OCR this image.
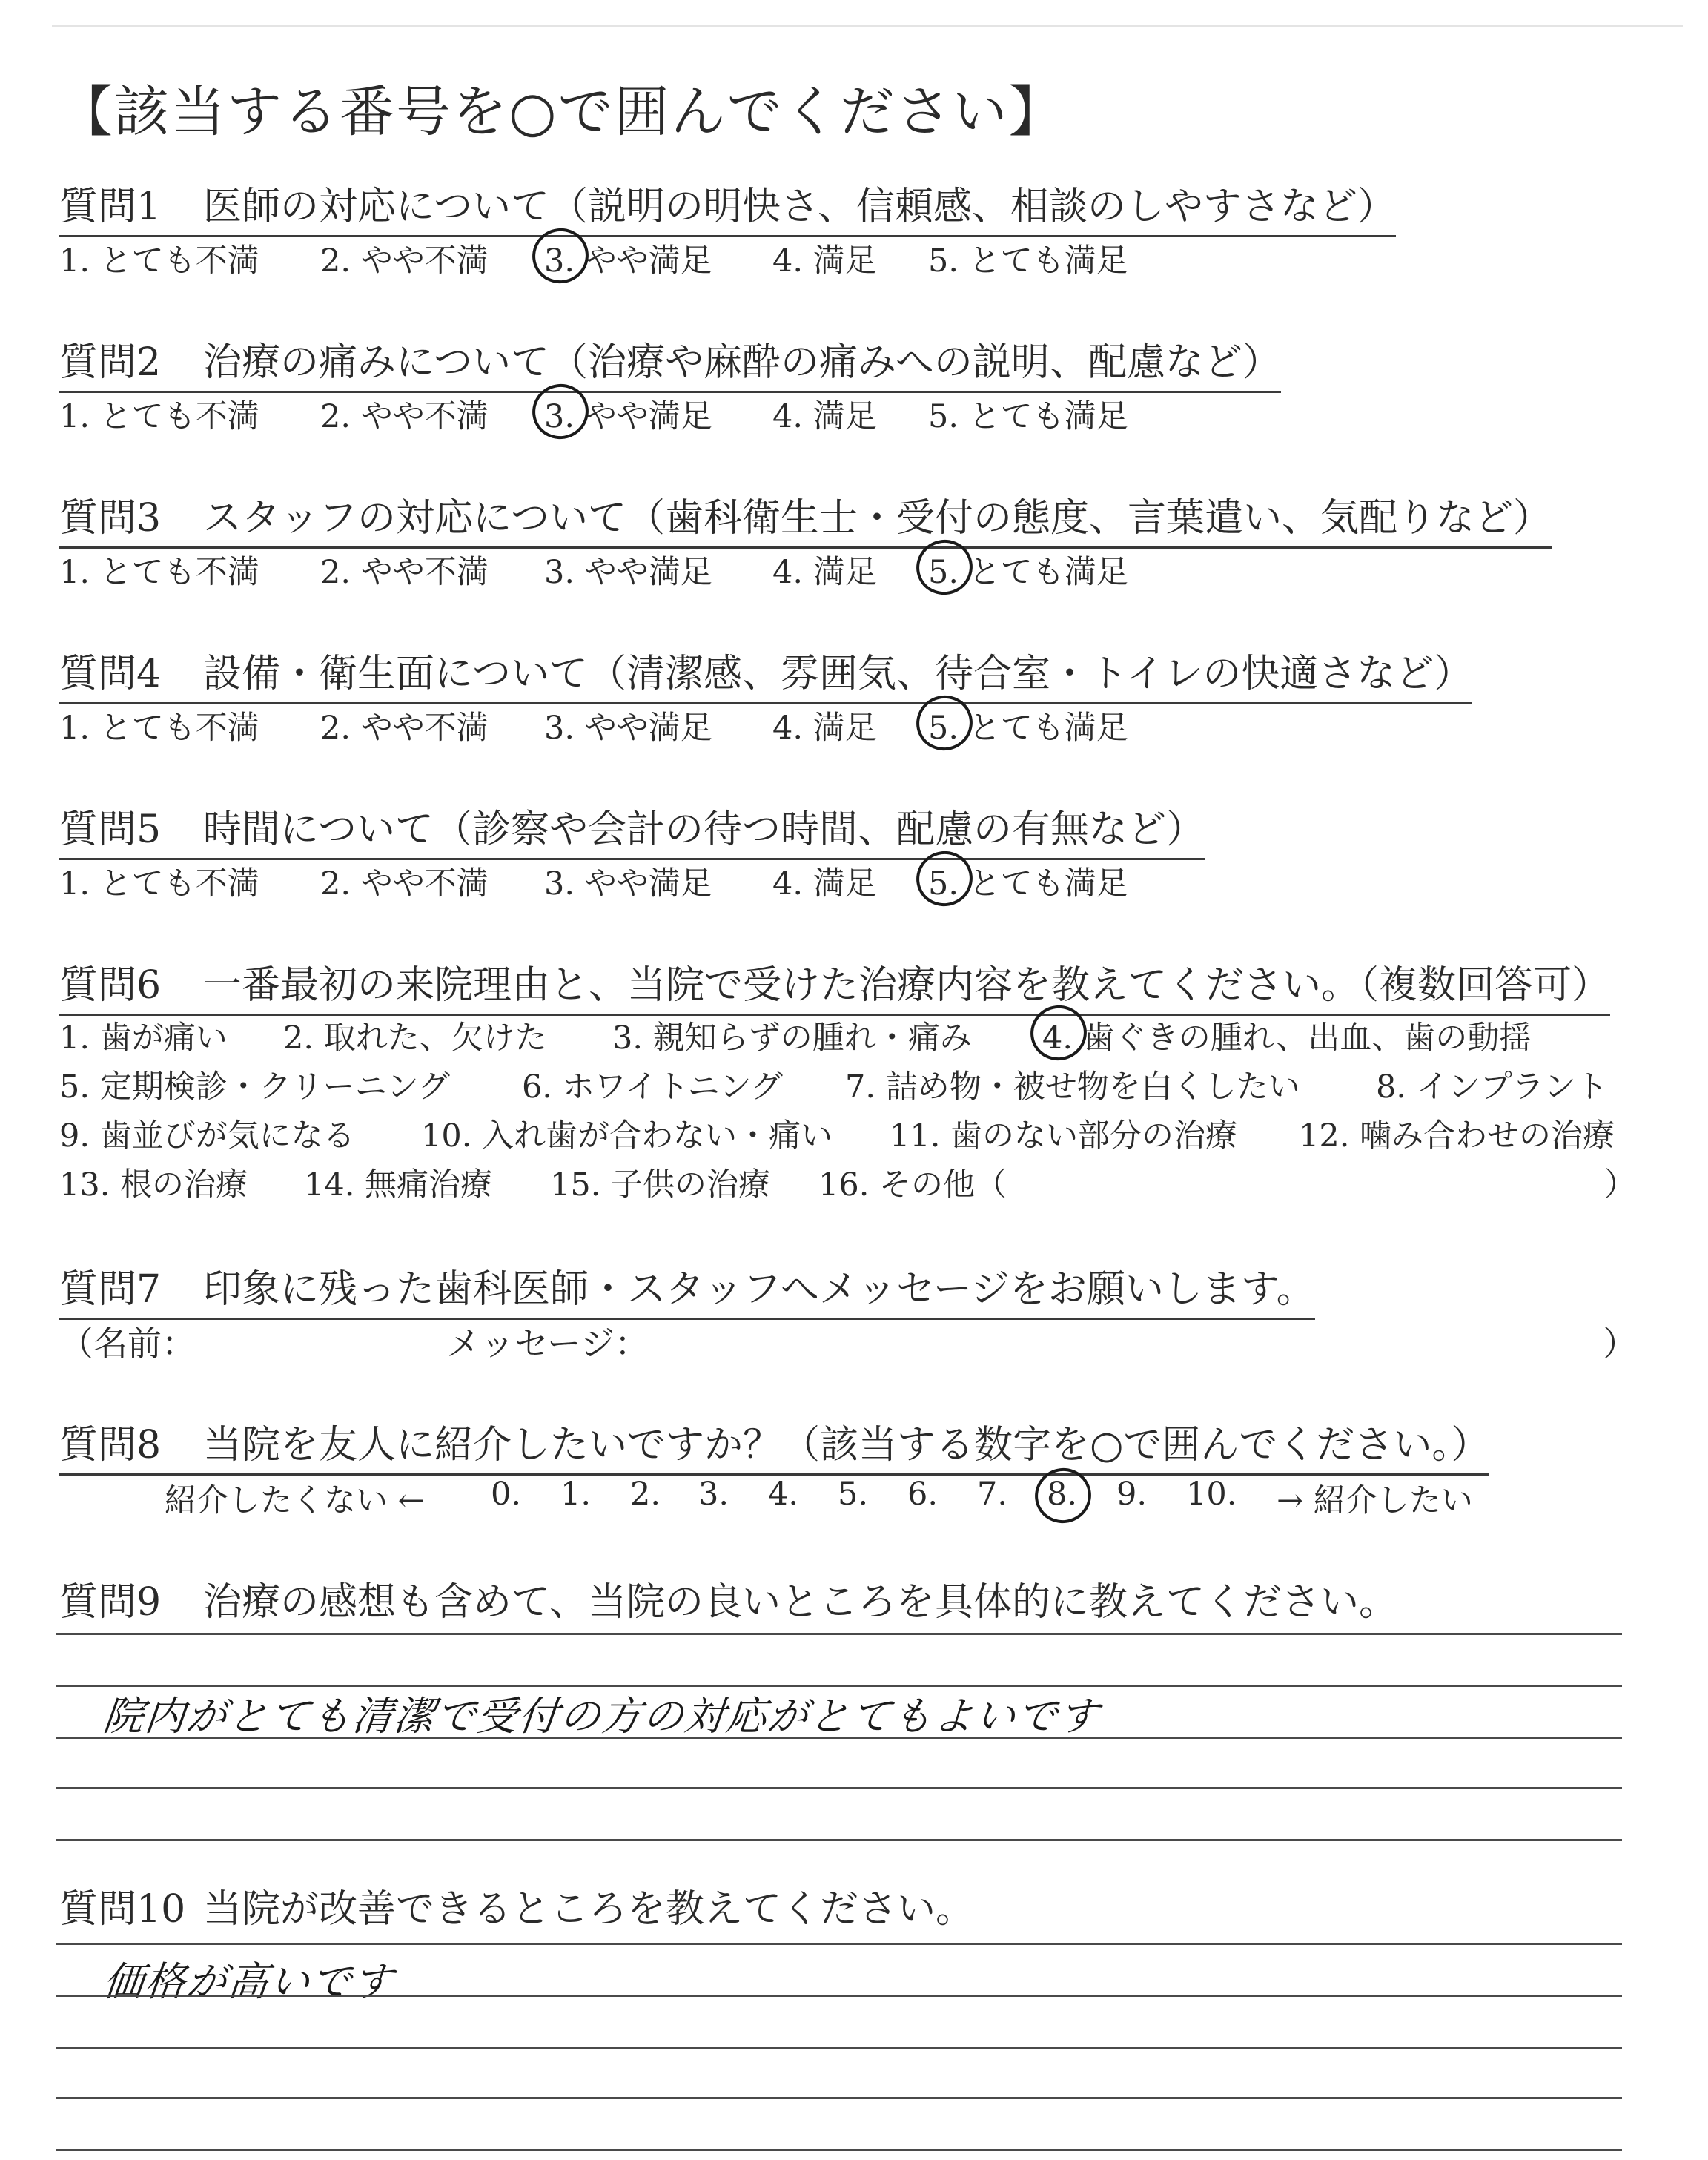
【該当する番号を○で囲んでください】
質問1 医師の対応について（説明の明快さ、信頼感、相談のしやすさなど）
1. とても不満 2. やや不満 3. やや満足 4. 満足 5. とても満足
質問2 治療の痛みについて（治療や麻酔の痛みへの説明、配慮など）
1. とても不満 2. やや不満 3. やや満足 4. 満足 5. とても満足
質問3 スタッフの対応について（歯科衛生士・受付の態度、言葉遣い、気配りなど）
1. とても不満 2. やや不満 3. やや満足 4. 満足 5. とても満足
質問4 設備・衛生面について（清潔感、雰囲気、待合室・トイレの快適さなど）
1. とても不満 2. やや不満 3. やや満足 4. 満足 5. とても満足
質問5 時間について（診察や会計の待つ時間、配慮の有無など）
1. とても不満 2. やや不満 3. やや満足 4. 満足 5. とても満足
質問6 一番最初の来院理由と、当院で受けた治療内容を教えてください。（複数回答可）
1. 歯が痛い 2. 取れた、欠けた 3. 親知らずの腫れ・痛み 4. 歯ぐきの腫れ、出血、歯の動揺
5. 定期検診・クリーニング 6. ホワイトニング 7. 詰め物・被せ物を白くしたい 8. インプラント
9. 歯並びが気になる 10. 入れ歯が合わない・痛い 11. 歯のない部分の治療 12. 噛み合わせの治療
13. 根の治療 14. 無痛治療 15. 子供の治療 16. その他（	）
質問7 印象に残った歯科医師・スタッフへメッセージをお願いします。
（名前：	メッセージ：	）
質問8 当院を友人に紹介したいですか？（該当する数字を○で囲んでください。）
紹介したくない ← 0. 1. 2. 3. 4. 5. 6. 7. 8. 9. 10. → 紹介したい
質問9 治療の感想も含めて、当院の良いところを具体的に教えてください。
院内がとても清潔で受付の方の対応がとてもよいです
質問10 当院が改善できるところを教えてください。
価格が高いです
